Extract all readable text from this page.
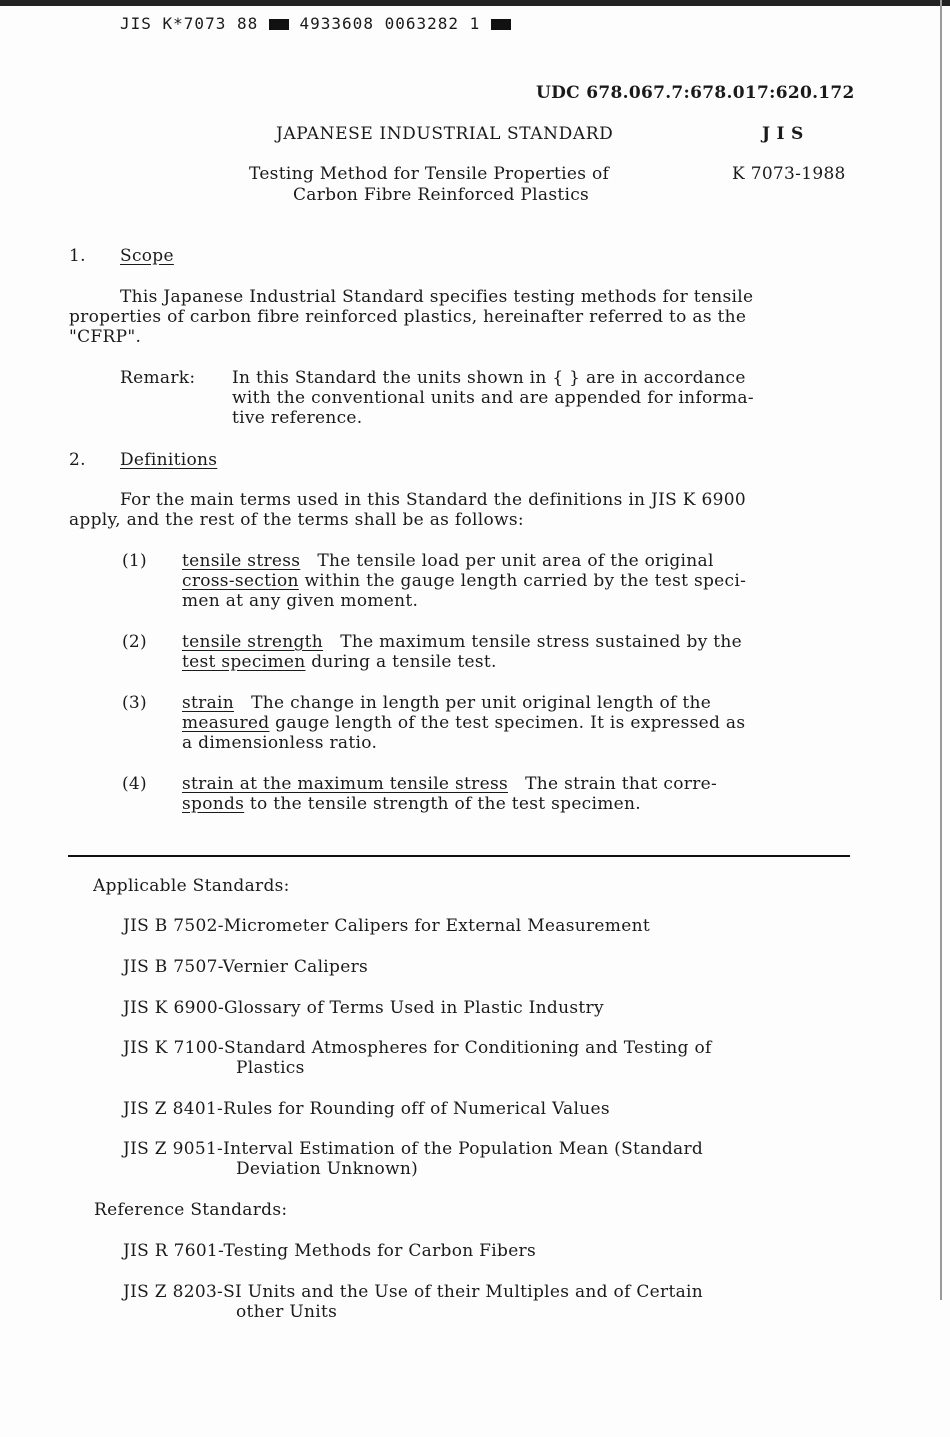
JIS K*7073 88	4933608 0063282 1
UDC 678.067.7:678.017:620.172
JAPANESE INDUSTRIAL STANDARD	J I S
Testing Method for Tensile Properties of
Carbon Fibre Reinforced Plastics
K 7073-1988
1. Scope
This Japanese Industrial Standard specifies testing methods for tensile
properties of carbon fibre reinforced plastics, hereinafter referred to as the
"CFRP".
Remark: In this Standard the units shown in { } are in accordance
with the conventional units and are appended for informa-
tive reference.
2. Definitions
For the main terms used in this Standard the definitions in JIS K 6900
apply, and the rest of the terms shall be as follows:
(1) tensile stress The tensile load per unit area of the original
cross-section within the gauge length carried by the test speci-
men at any given moment.
(2) tensile strength The maximum tensile stress sustained by the
test specimen during a tensile test.
(3) strain The change in length per unit original length of the
measured gauge length of the test specimen. It is expressed as
a dimensionless ratio.
(4) strain at the maximum tensile stress The strain that corre-
sponds to the tensile strength of the test specimen.
Applicable Standards:
JIS B 7502-Micrometer Calipers for External Measurement
JIS B 7507-Vernier Calipers
JIS K 6900-Glossary of Terms Used in Plastic Industry
JIS K 7100-Standard Atmospheres for Conditioning and Testing of
Plastics
JIS Z 8401-Rules for Rounding off of Numerical Values
JIS Z 9051-Interval Estimation of the Population Mean (Standard
Deviation Unknown)
Reference Standards:
JIS R 7601-Testing Methods for Carbon Fibers
JIS Z 8203-SI Units and the Use of their Multiples and of Certain
other Units
